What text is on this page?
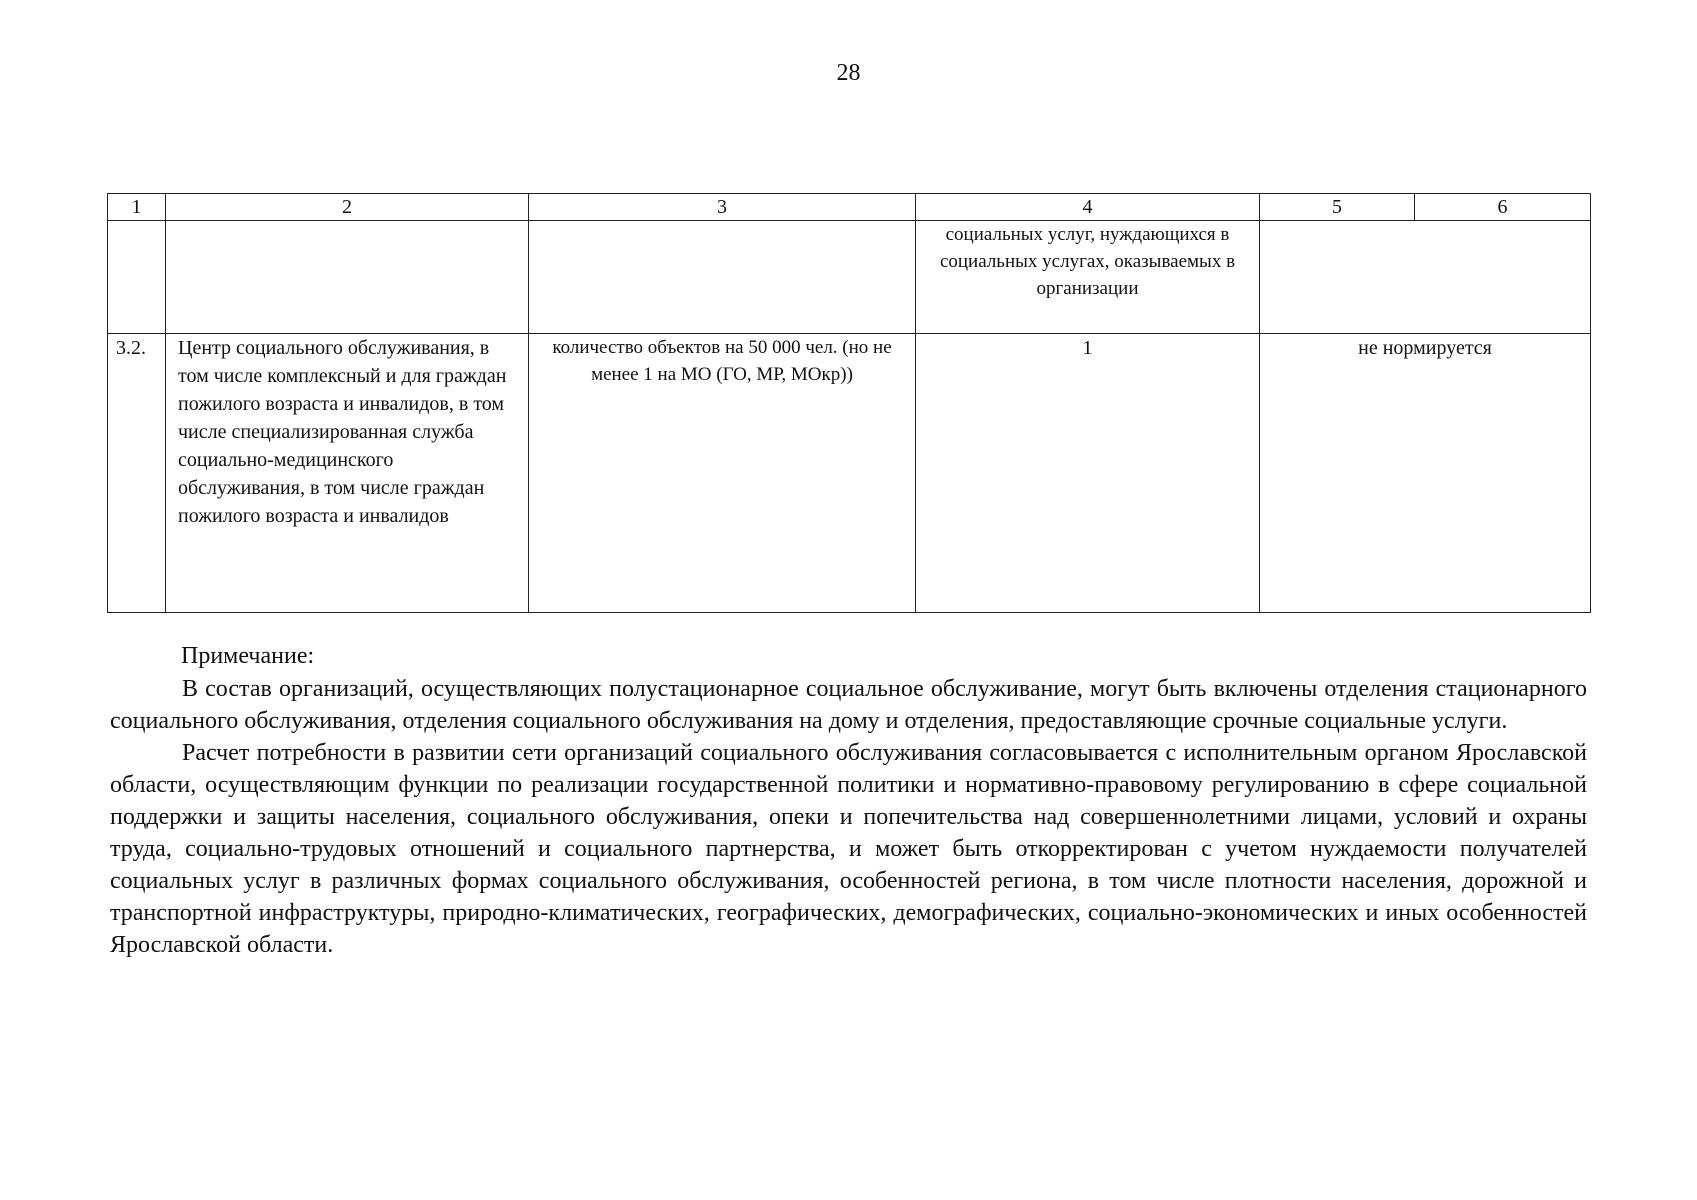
28
1	2	3	4	5	6
			социальных услуг, нуждающихся в социальных услугах, оказываемых в организации		
3.2.	Центр социального обслуживания, в том числе комплексный и для граждан пожилого возраста и инвалидов, в том числе специализированная служба социально-медицинского обслуживания, в том числе граждан пожилого возраста и инвалидов	количество объектов на 50 000 чел. (но не менее 1 на МО (ГО, МР, МОкр))	1	не нормируется	

Примечание:

В состав организаций, осуществляющих полустационарное социальное обслуживание, могут быть включены отделения стационарного социального обслуживания, отделения социального обслуживания на дому и отделения, предоставляющие срочные социальные услуги.

Расчет потребности в развитии сети организаций социального обслуживания согласовывается с исполнительным органом Ярославской области, осуществляющим функции по реализации государственной политики и нормативно-правовому регулированию в сфере социальной поддержки и защиты населения, социального обслуживания, опеки и попечительства над совершеннолетними лицами, условий и охраны труда, социально-трудовых отношений и социального партнерства, и может быть откорректирован с учетом нуждаемости получателей социальных услуг в различных формах социального обслуживания, особенностей региона, в том числе плотности населения, дорожной и транспортной инфраструктуры, природно-климатических, географических, демографических, социально-экономических и иных особенностей Ярославской области.
